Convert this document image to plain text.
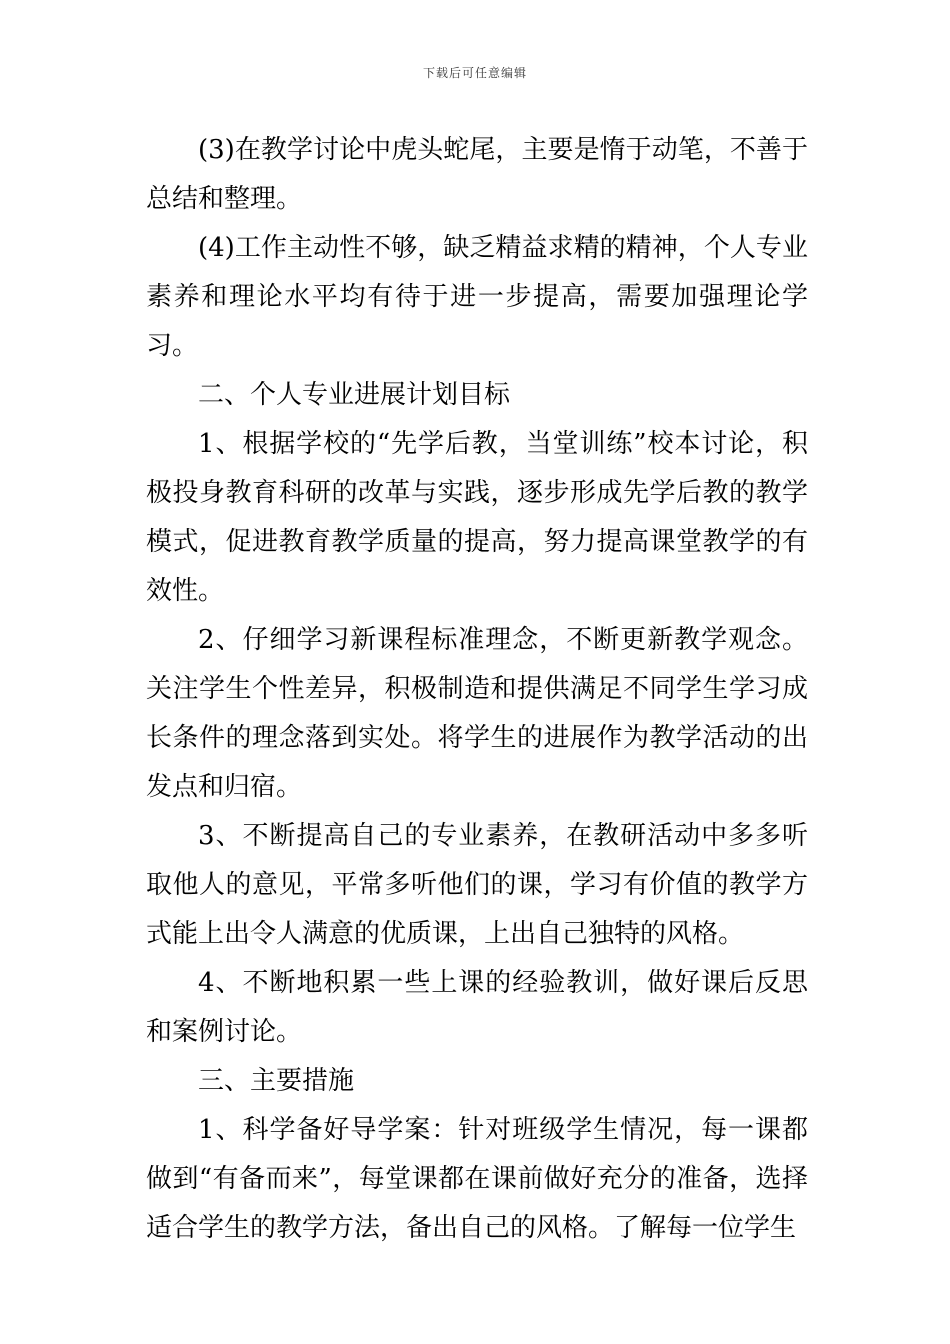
下载后可任意编辑

(3)在教学讨论中虎头蛇尾，主要是惰于动笔，不善于总结和整理。

(4)工作主动性不够，缺乏精益求精的精神，个人专业素养和理论水平均有待于进一步提高，需要加强理论学习。

二、个人专业进展计划目标

1、根据学校的“先学后教，当堂训练”校本讨论，积极投身教育科研的改革与实践，逐步形成先学后教的教学模式，促进教育教学质量的提高，努力提高课堂教学的有效性。

2、仔细学习新课程标准理念，不断更新教学观念。关注学生个性差异，积极制造和提供满足不同学生学习成长条件的理念落到实处。将学生的进展作为教学活动的出发点和归宿。

3、不断提高自己的专业素养，在教研活动中多多听取他人的意见，平常多听他们的课，学习有价值的教学方式能上出令人满意的优质课，上出自己独特的风格。

4、不断地积累一些上课的经验教训，做好课后反思和案例讨论。

三、主要措施

1、科学备好导学案：针对班级学生情况，每一课都做到“有备而来”，每堂课都在课前做好充分的准备，选择适合学生的教学方法，备出自己的风格。了解每一位学生
